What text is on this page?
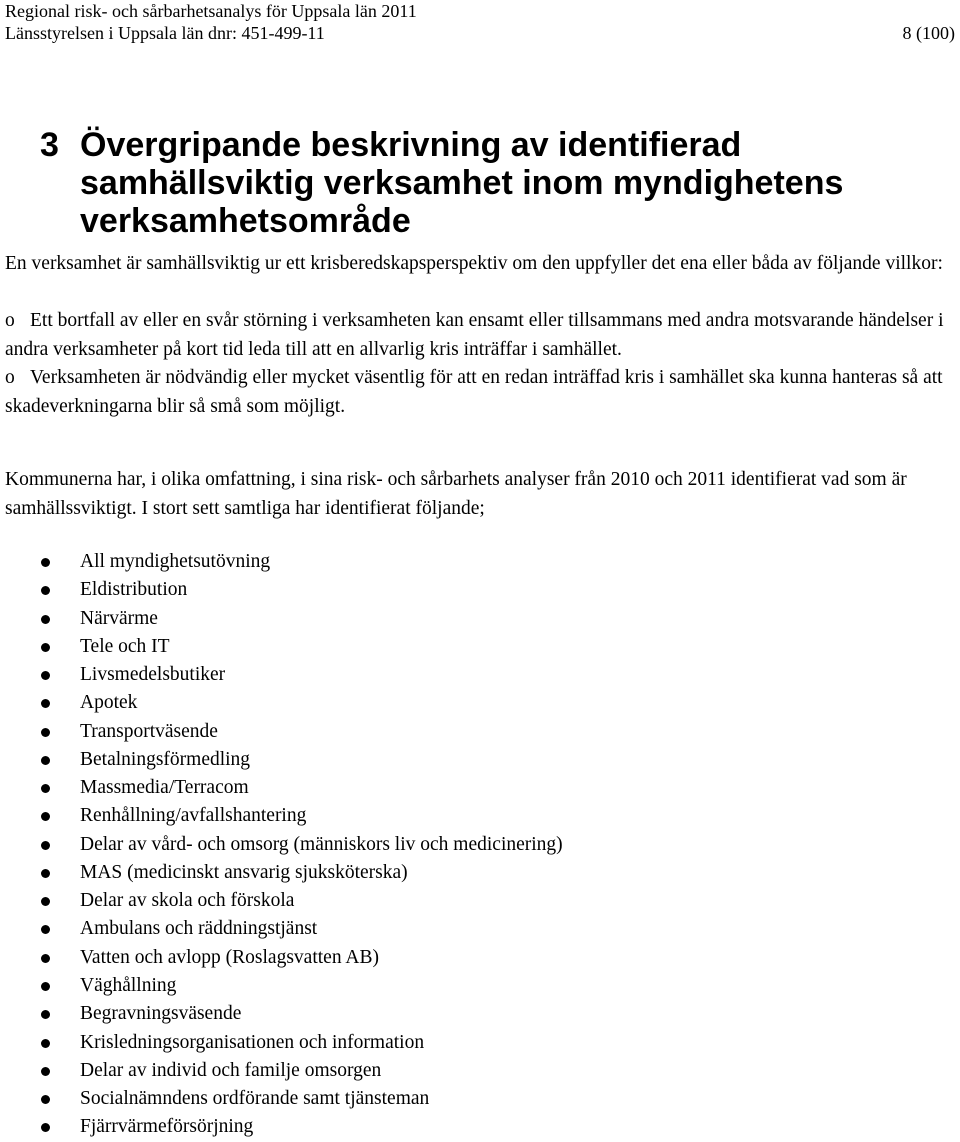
Regional risk- och sårbarhetsanalys för Uppsala län 2011
Länsstyrelsen i Uppsala län dnr: 451-499-11	8 (100)
3 Övergripande beskrivning av identifierad samhällsviktig verksamhet inom myndighetens verksamhetsområde

En verksamhet är samhällsviktig ur ett krisberedskapsperspektiv om den uppfyller det ena eller båda av följande villkor:

o Ett bortfall av eller en svår störning i verksamheten kan ensamt eller tillsammans med andra motsvarande händelser i andra verksamheter på kort tid leda till att en allvarlig kris inträffar i samhället.

o Verksamheten är nödvändig eller mycket väsentlig för att en redan inträffad kris i samhället ska kunna hanteras så att skadeverkningarna blir så små som möjligt.

Kommunerna har, i olika omfattning, i sina risk- och sårbarhets analyser från 2010 och 2011 identifierat vad som är samhällssviktigt. I stort sett samtliga har identifierat följande;

All myndighetsutövning
Eldistribution
Närvärme
Tele och IT
Livsmedelsbutiker
Apotek
Transportväsende
Betalningsförmedling
Massmedia/Terracom
Renhållning/avfallshantering
Delar av vård- och omsorg (människors liv och medicinering)
MAS (medicinskt ansvarig sjuksköterska)
Delar av skola och förskola
Ambulans och räddningstjänst
Vatten och avlopp (Roslagsvatten AB)
Väghållning
Begravningsväsende
Krisledningsorganisationen och information
Delar av individ och familje omsorgen
Socialnämndens ordförande samt tjänsteman
Fjärrvärmeförsörjning
